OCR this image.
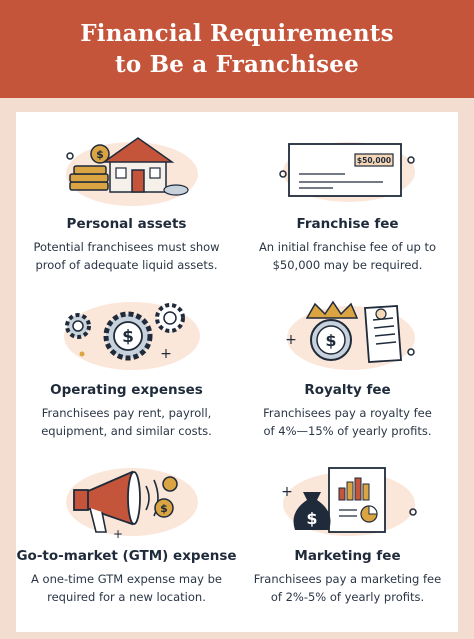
Financial Requirements
to Be a Franchisee
$
Personal assets
Potential franchisees must show
proof of adequate liquid assets.
$50,000
Franchise fee
An initial franchise fee of up to
$50,000 may be required.
$
+
Operating expenses
Franchisees pay rent, payroll,
equipment, and similar costs.
+ $
Royalty fee
Franchisees pay a royalty fee
of 4%—15% of yearly profits.
$
+
Go-to-market (GTM) expense
A one-time GTM expense may be
required for a new location.
+
$
Marketing fee
Franchisees pay a marketing fee
of 2%-5% of yearly profits.
